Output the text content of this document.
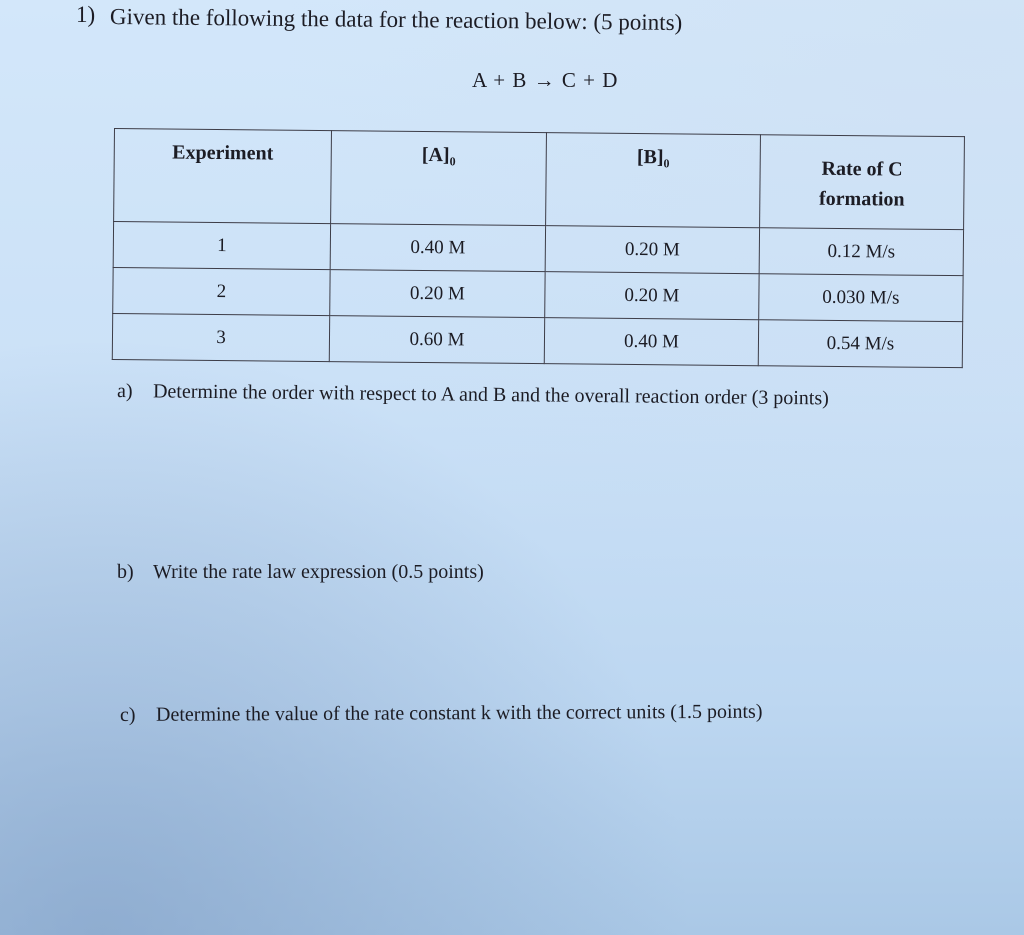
1) Given the following the data for the reaction below: (5 points)
A + B → C + D
Experiment	[A]₀	[B]₀	Rate of C
formation
1	0.40 M	0.20 M	0.12 M/s
2	0.20 M	0.20 M	0.030 M/s
3	0.60 M	0.40 M	0.54 M/s
a) Determine the order with respect to A and B and the overall reaction order (3 points)
b) Write the rate law expression (0.5 points)
c) Determine the value of the rate constant k with the correct units (1.5 points)
